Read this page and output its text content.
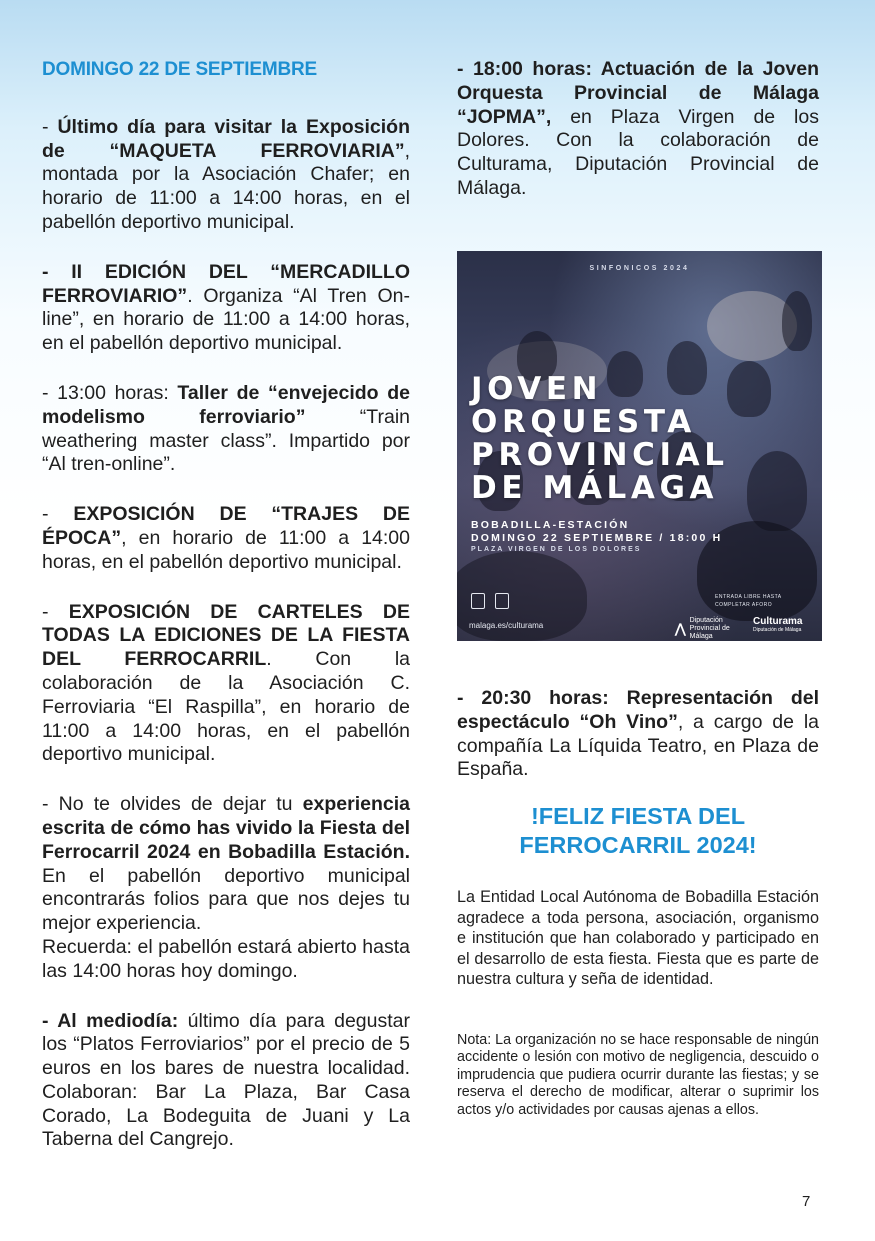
DOMINGO 22 DE SEPTIEMBRE

- Último día para visitar la Exposición de “MAQUETA FERROVIARIA”, montada por la Asociación Chafer; en horario de 11:00 a 14:00 horas, en el pabellón deportivo municipal.

- II EDICIÓN DEL “MERCADILLO FERROVIARIO”. Organiza “Al Tren On-line”, en horario de 11:00 a 14:00 horas, en el pabellón deportivo municipal.

- 13:00 horas: Taller de “envejecido de modelismo ferroviario” “Train weathering master class”. Impartido por “Al tren-online”.

- EXPOSICIÓN DE “TRAJES DE ÉPOCA”, en horario de 11:00 a 14:00 horas, en el pabellón deportivo municipal.

- EXPOSICIÓN DE CARTELES DE TODAS LA EDICIONES DE LA FIESTA DEL FERROCARRIL. Con la colaboración de la Asociación C. Ferroviaria “El Raspilla”, en horario de 11:00 a 14:00 horas, en el pabellón deportivo municipal.

- No te olvides de dejar tu experiencia escrita de cómo has vivido la Fiesta del Ferrocarril 2024 en Bobadilla Estación. En el pabellón deportivo municipal encontrarás folios para que nos dejes tu mejor experiencia.

Recuerda: el pabellón estará abierto hasta las 14:00 horas hoy domingo.

- Al mediodía: último día para degustar los “Platos Ferroviarios” por el precio de 5 euros en los bares de nuestra localidad. Colaboran: Bar La Plaza, Bar Casa Corado, La Bodeguita de Juani y La Taberna del Cangrejo.

- 18:00 horas: Actuación de la Joven Orquesta Provincial de Málaga “JOPMA”, en Plaza Virgen de los Dolores. Con la colaboración de Culturama, Diputación Provincial de Málaga.

SINFONICOS 2024
JOVEN
ORQUESTA
PROVINCIAL
DE MÁLAGA
BOBADILLA-ESTACIÓN
DOMINGO 22 SEPTIEMBRE / 18:00 H
PLAZA VIRGEN DE LOS DOLORES
ENTRADA LIBRE HASTA COMPLETAR AFORO
malaga.es/culturama	⋀
Diputación Provincial de Málaga
Culturama
Diputación de Málaga

- 20:30 horas: Representación del espectáculo “Oh Vino”, a cargo de la compañía La Líquida Teatro, en Plaza de España.

!FELIZ FIESTA DEL
FERROCARRIL 2024!

La Entidad Local Autónoma de Bobadilla Estación agradece a toda persona, asociación, organismo e institución que han colaborado y participado en el desarrollo de esta fiesta. Fiesta que es parte de nuestra cultura y seña de identidad.

Nota: La organización no se hace responsable de ningún accidente o lesión con motivo de negligencia, descuido o imprudencia que pudiera ocurrir durante las fiestas; y se reserva el derecho de modificar, alterar o suprimir los actos y/o actividades por causas ajenas a ellos.

7
